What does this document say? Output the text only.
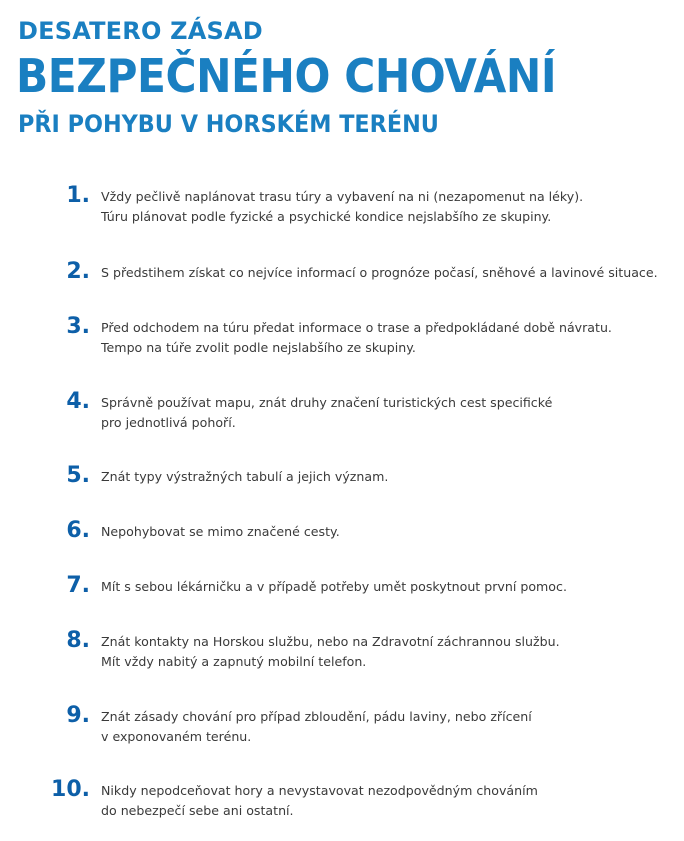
DESATERO ZÁSAD
BEZPEČNÉHO CHOVÁNÍ
PŘI POHYBU V HORSKÉM TERÉNU
1. Vždy pečlivě naplánovat trasu túry a vybavení na ni (nezapomenut na léky).
Túru plánovat podle fyzické a psychické kondice nejslabšího ze skupiny.
2. S předstihem získat co nejvíce informací o prognóze počasí, sněhové a lavinové situace.
3. Před odchodem na túru předat informace o trase a předpokládané době návratu.
Tempo na túře zvolit podle nejslabšího ze skupiny.
4. Správně používat mapu, znát druhy značení turistických cest specifické
pro jednotlivá pohoří.
5. Znát typy výstražných tabulí a jejich význam.
6. Nepohybovat se mimo značené cesty.
7. Mít s sebou lékárničku a v případě potřeby umět poskytnout první pomoc.
8. Znát kontakty na Horskou službu, nebo na Zdravotní záchrannou službu.
Mít vždy nabitý a zapnutý mobilní telefon.
9. Znát zásady chování pro případ zbloudění, pádu laviny, nebo zřícení
v exponovaném terénu.
10. Nikdy nepodceňovat hory a nevystavovat nezodpovědným chováním
do nebezpečí sebe ani ostatní.
